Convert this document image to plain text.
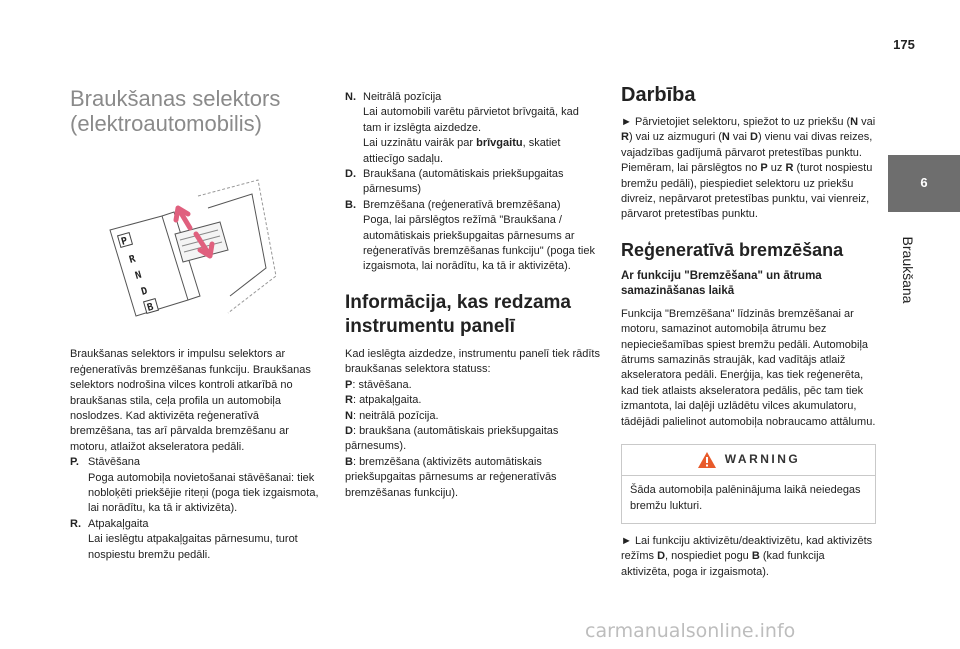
175
6
Braukšana
Braukšanas selektors
(elektroautomobilis)
P
R
N
D
B

Braukšanas selektors ir impulsu selektors ar reģeneratīvās bremzēšanas funkciju. Braukšanas selektors nodrošina vilces kontroli atkarībā no braukšanas stila, ceļa profila un automobiļa noslodzes. Kad aktivizēta reģeneratīvā bremzēšana, tas arī pārvalda bremzēšanu ar motoru, atlaižot akseleratora pedāli.

P. Stāvēšana
Poga automobiļa novietošanai stāvēšanai: tiek nobloķēti priekšējie riteņi (poga tiek izgaismota, lai norādītu, ka tā ir aktivizēta).
R. Atpakaļgaita
Lai ieslēgtu atpakaļgaitas pārnesumu, turot nospiestu bremžu pedāli.
N. Neitrālā pozīcija
Lai automobili varētu pārvietot brīvgaitā, kad tam ir izslēgta aizdedze.
Lai uzzinātu vairāk par brīvgaitu, skatiet attiecīgo sadaļu.
D. Braukšana (automātiskais priekšupgaitas pārnesums)
B. Bremzēšana (reģeneratīvā bremzēšana)
Poga, lai pārslēgtos režīmā "Braukšana / automātiskais priekšupgaitas pārnesums ar reģeneratīvās bremzēšanas funkciju" (poga tiek izgaismota, lai norādītu, ka tā ir aktivizēta).
Informācija, kas redzama
instrumentu panelī

Kad ieslēgta aizdedze, instrumentu panelī tiek rādīts braukšanas selektora statuss:

P: stāvēšana.
R: atpakaļgaita.
N: neitrālā pozīcija.
D: braukšana (automātiskais priekšupgaitas pārnesums).
B: bremzēšana (aktivizēts automātiskais priekšupgaitas pārnesums ar reģeneratīvās bremzēšanas funkciju).
Darbība

► Pārvietojiet selektoru, spiežot to uz priekšu (N vai R) vai uz aizmuguri (N vai D) vienu vai divas reizes, vajadzības gadījumā pārvarot pretestības punktu.

Piemēram, lai pārslēgtos no P uz R (turot nospiestu bremžu pedāli), piespiediet selektoru uz priekšu divreiz, nepārvarot pretestības punktu, vai vienreiz, pārvarot pretestības punktu.

Reģeneratīvā bremzēšana
Ar funkciju "Bremzēšana" un ātruma samazināšanas laikā

Funkcija "Bremzēšana" līdzinās bremzēšanai ar motoru, samazinot automobiļa ātrumu bez nepieciešamības spiest bremžu pedāli. Automobiļa ātrums samazinās straujāk, kad vadītājs atlaiž akseleratora pedāli. Enerģija, kas tiek reģenerēta, kad tiek atlaists akseleratora pedālis, pēc tam tiek izmantota, lai daļēji uzlādētu vilces akumulatoru, tādējādi palielinot automobiļa nobraucamo attālumu.

WARNING
Šāda automobiļa palēninājuma laikā neiedegas bremžu lukturi.

► Lai funkciju aktivizētu/deaktivizētu, kad aktivizēts režīms D, nospiediet pogu B (kad funkcija aktivizēta, poga ir izgaismota).

carmanualsonline.info
